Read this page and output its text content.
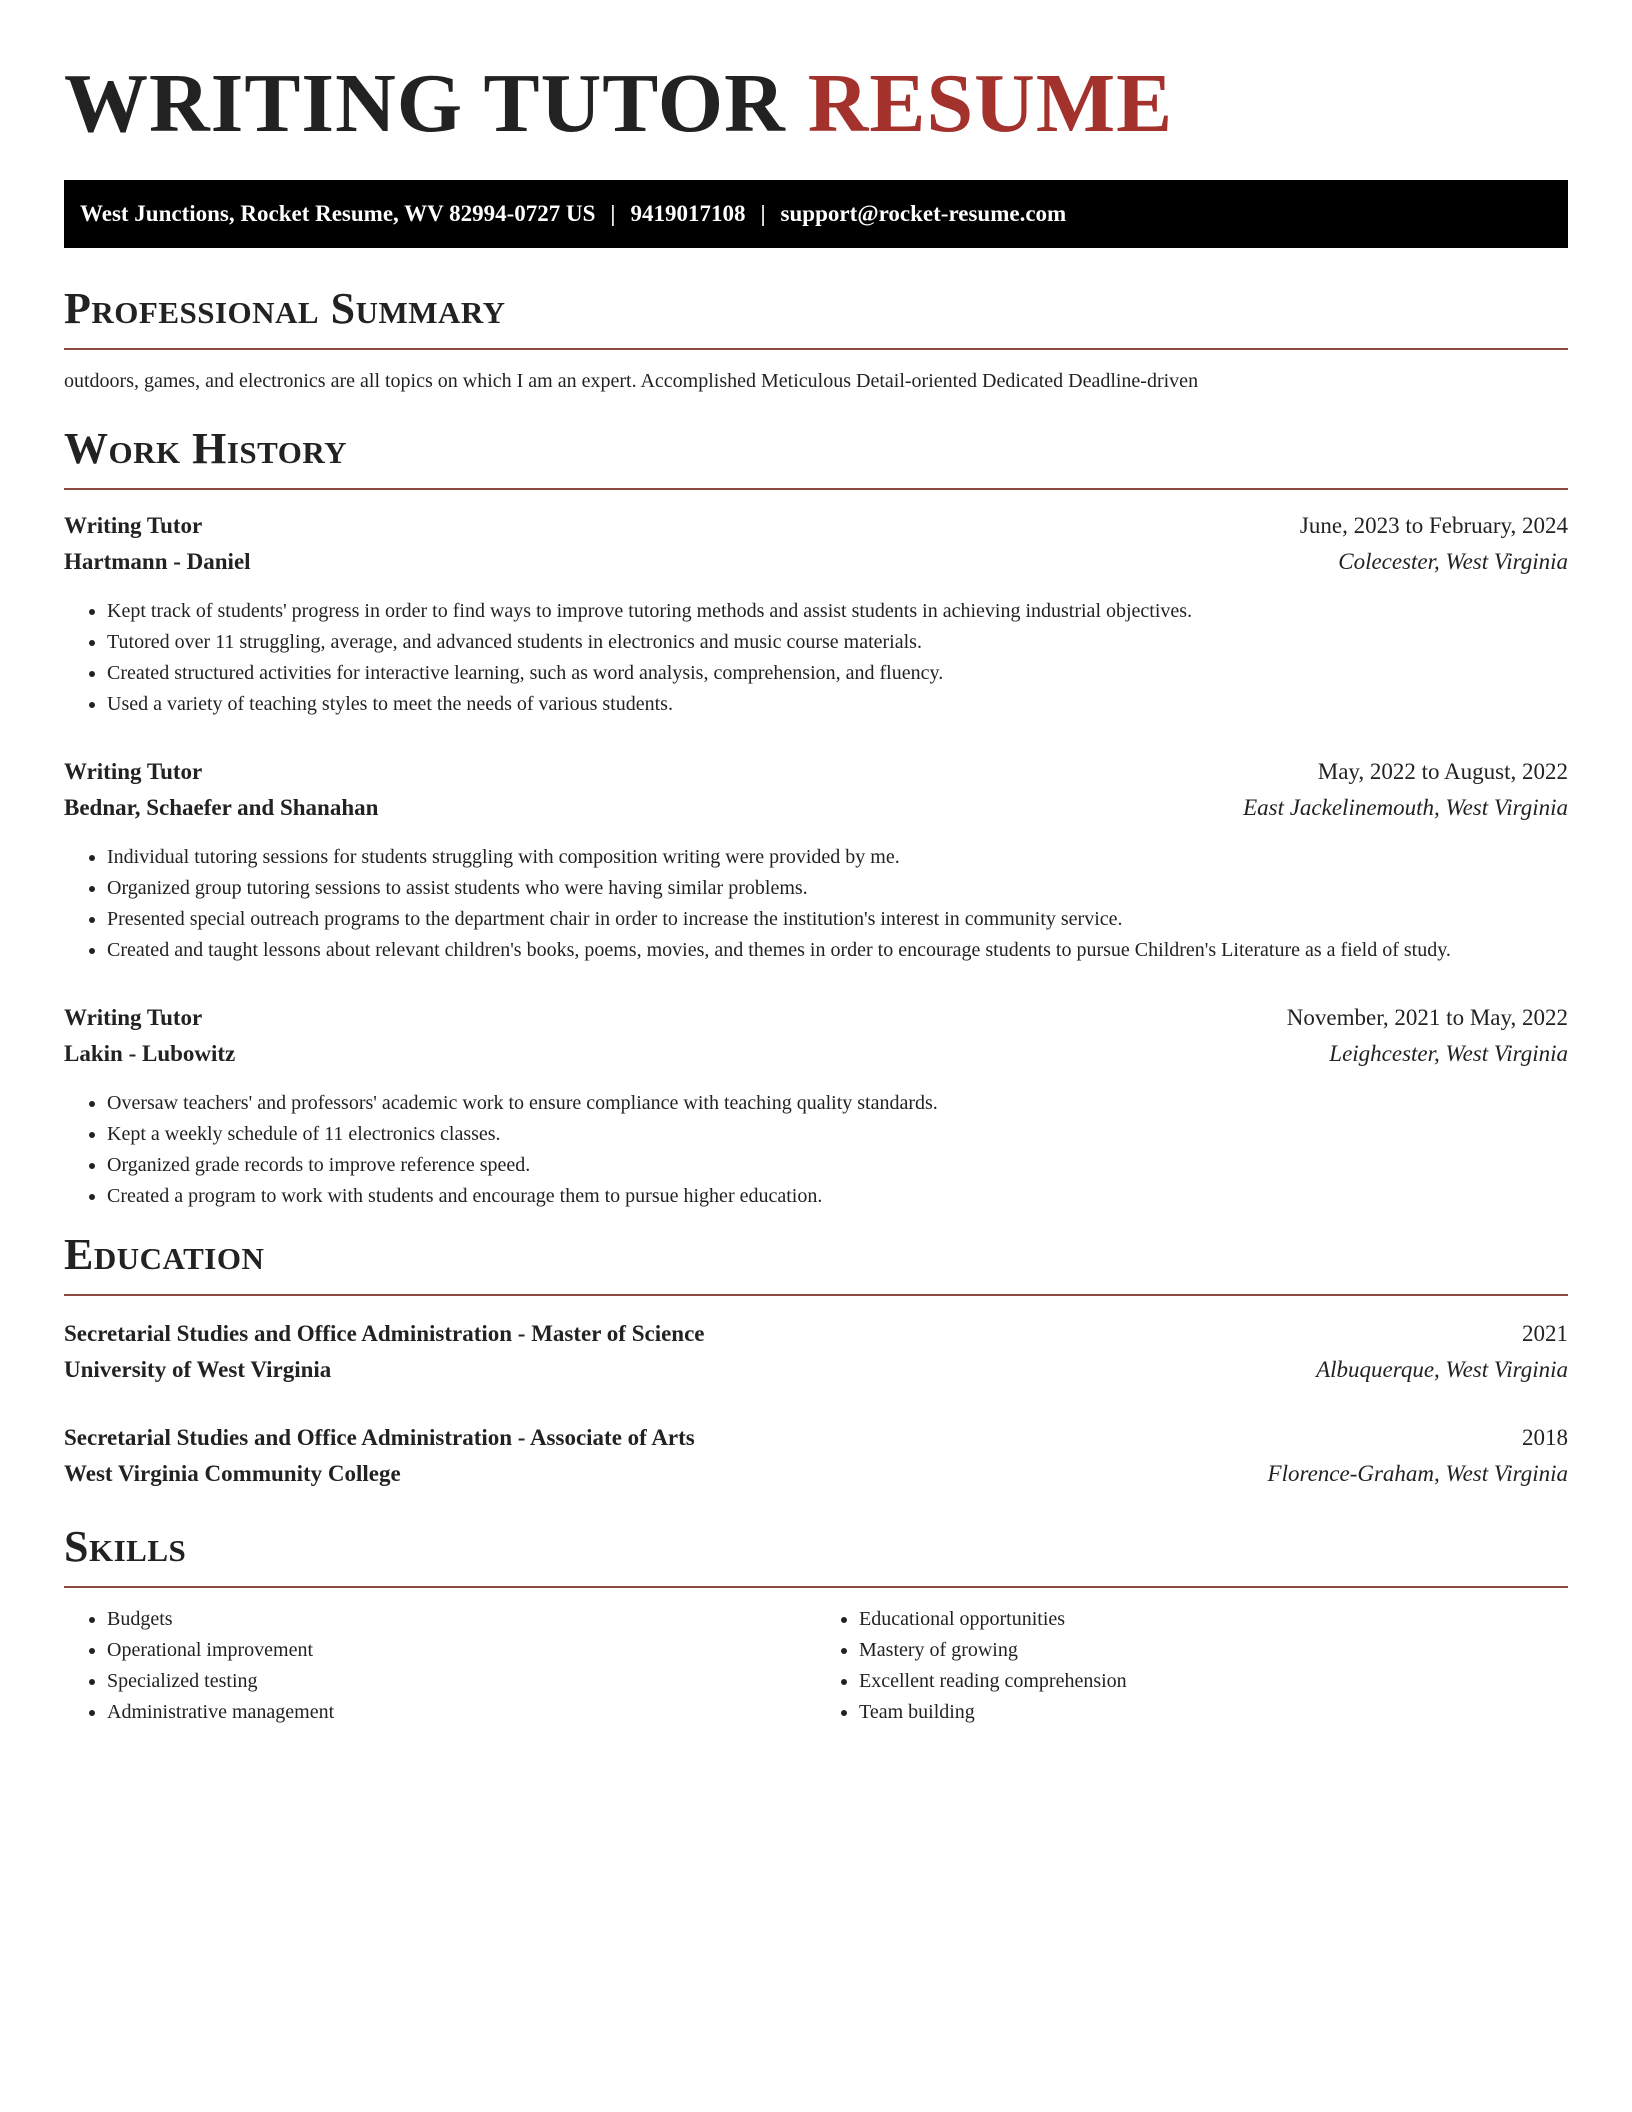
WRITING TUTOR RESUME
West Junctions, Rocket Resume, WV 82994-0727 US | 9419017108 | support@rocket-resume.com
Professional Summary
outdoors, games, and electronics are all topics on which I am an expert. Accomplished Meticulous Detail-oriented Dedicated Deadline-driven
Work History
Writing Tutor	June, 2023 to February, 2024
Hartmann - Daniel	Colecester, West Virginia
• Kept track of students' progress in order to find ways to improve tutoring methods and assist students in achieving industrial objectives.
• Tutored over 11 struggling, average, and advanced students in electronics and music course materials.
• Created structured activities for interactive learning, such as word analysis, comprehension, and fluency.
• Used a variety of teaching styles to meet the needs of various students.
Writing Tutor	May, 2022 to August, 2022
Bednar, Schaefer and Shanahan	East Jackelinemouth, West Virginia
• Individual tutoring sessions for students struggling with composition writing were provided by me.
• Organized group tutoring sessions to assist students who were having similar problems.
• Presented special outreach programs to the department chair in order to increase the institution's interest in community service.
• Created and taught lessons about relevant children's books, poems, movies, and themes in order to encourage students to pursue Children's Literature as a field of study.
Writing Tutor	November, 2021 to May, 2022
Lakin - Lubowitz	Leighcester, West Virginia
• Oversaw teachers' and professors' academic work to ensure compliance with teaching quality standards.
• Kept a weekly schedule of 11 electronics classes.
• Organized grade records to improve reference speed.
• Created a program to work with students and encourage them to pursue higher education.
Education
Secretarial Studies and Office Administration - Master of Science	2021
University of West Virginia	Albuquerque, West Virginia
Secretarial Studies and Office Administration - Associate of Arts	2018
West Virginia Community College	Florence-Graham, West Virginia
Skills
• Budgets
• Operational improvement
• Specialized testing
• Administrative management
• Educational opportunities
• Mastery of growing
• Excellent reading comprehension
• Team building
